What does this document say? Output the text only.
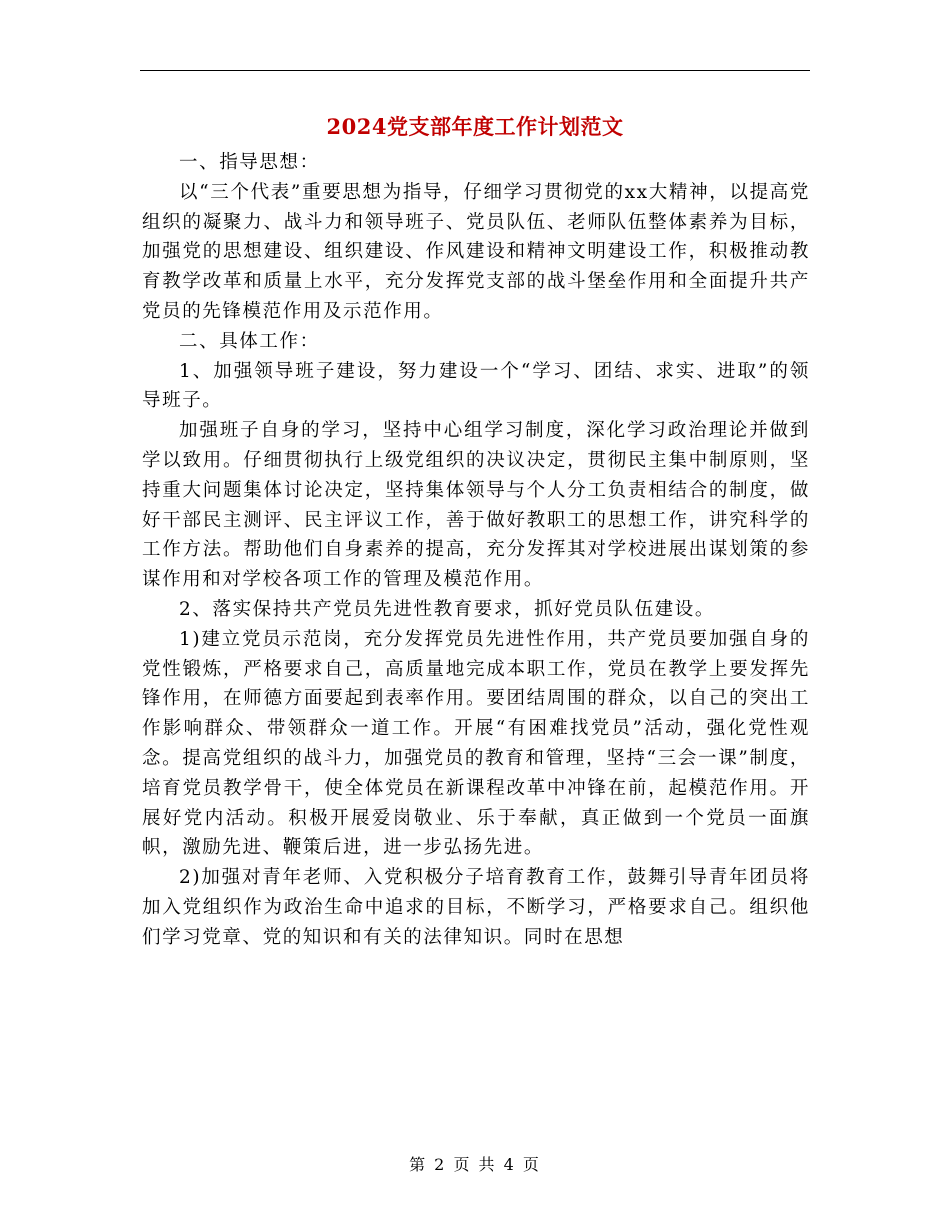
2024党支部年度工作计划范文

一、指导思想：

以“三个代表”重要思想为指导，仔细学习贯彻党的xx大精神，以提高党组织的凝聚力、战斗力和领导班子、党员队伍、老师队伍整体素养为目标，加强党的思想建设、组织建设、作风建设和精神文明建设工作，积极推动教育教学改革和质量上水平，充分发挥党支部的战斗堡垒作用和全面提升共产党员的先锋模范作用及示范作用。

二、具体工作：

1、加强领导班子建设，努力建设一个“学习、团结、求实、进取”的领导班子。

加强班子自身的学习，坚持中心组学习制度，深化学习政治理论并做到学以致用。仔细贯彻执行上级党组织的决议决定，贯彻民主集中制原则，坚持重大问题集体讨论决定，坚持集体领导与个人分工负责相结合的制度，做好干部民主测评、民主评议工作，善于做好教职工的思想工作，讲究科学的工作方法。帮助他们自身素养的提高，充分发挥其对学校进展出谋划策的参谋作用和对学校各项工作的管理及模范作用。

2、落实保持共产党员先进性教育要求，抓好党员队伍建设。

1)建立党员示范岗，充分发挥党员先进性作用，共产党员要加强自身的党性锻炼，严格要求自己，高质量地完成本职工作，党员在教学上要发挥先锋作用，在师德方面要起到表率作用。要团结周围的群众，以自己的突出工作影响群众、带领群众一道工作。开展“有困难找党员”活动，强化党性观念。提高党组织的战斗力，加强党员的教育和管理，坚持“三会一课”制度，培育党员教学骨干，使全体党员在新课程改革中冲锋在前，起模范作用。开展好党内活动。积极开展爱岗敬业、乐于奉献，真正做到一个党员一面旗帜，激励先进、鞭策后进，进一步弘扬先进。

2)加强对青年老师、入党积极分子培育教育工作，鼓舞引导青年团员将加入党组织作为政治生命中追求的目标，不断学习，严格要求自己。组织他们学习党章、党的知识和有关的法律知识。同时在思想

第 2 页 共 4 页
